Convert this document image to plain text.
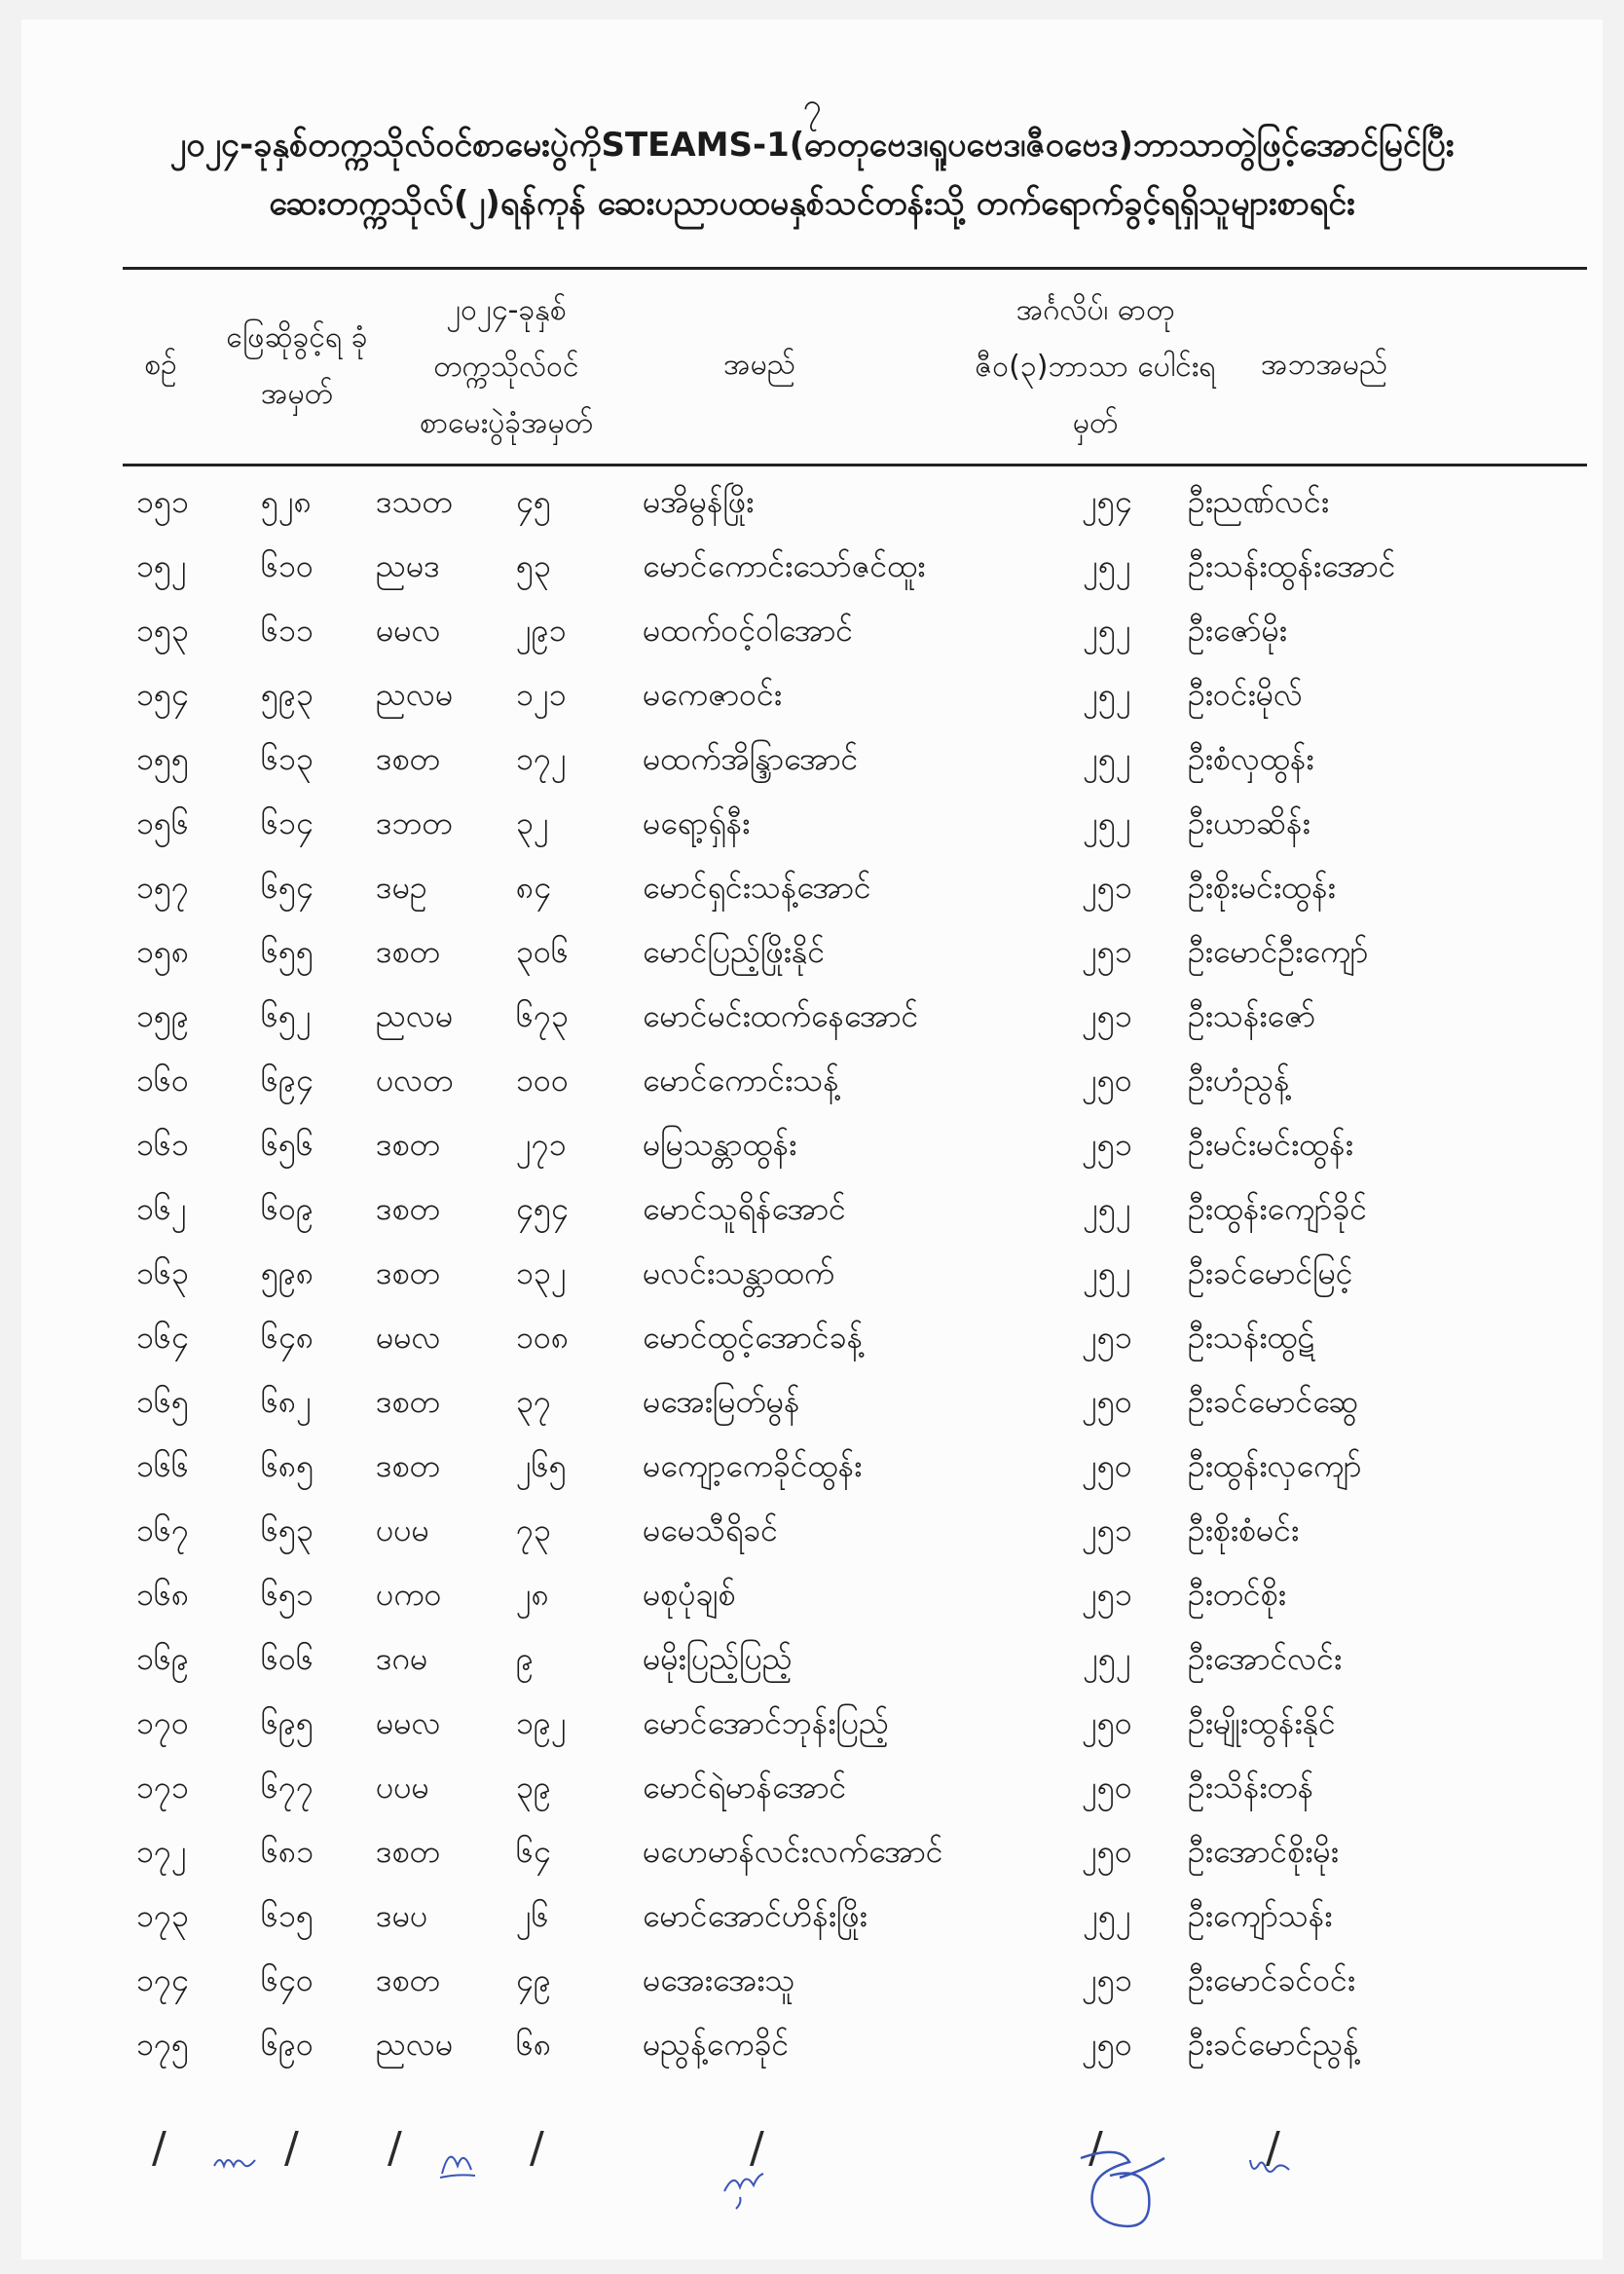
၇
၂၀၂၄-ခုနှစ်တက္ကသိုလ်ဝင်စာမေးပွဲကိုSTEAMS-1(ဓာတုဗေဒ၊ရူပဗေဒ၊ဇီဝဗေဒ)ဘာသာတွဲဖြင့်အောင်မြင်ပြီး
ဆေးတက္ကသိုလ်(၂)ရန်ကုန် ဆေးပညာပထမနှစ်သင်တန်းသို့ တက်ရောက်ခွင့်ရရှိသူများစာရင်း
စဉ်
ဖြေဆိုခွင့်ရ ခုံအမှတ်
၂၀၂၄-ခုနှစ် တက္ကသိုလ်ဝင် စာမေးပွဲခုံအမှတ်
အမည်
အင်္ဂလိပ်၊ ဓာတု ဇီဝ(၃)ဘာသာ ပေါင်းရမှတ်
အဘအမည်
၁၅၁ ၅၂၈ ဒသတ ၄၅	မအိမွန်ဖြိုး	၂၅၄	ဦးညဏ်လင်း
၁၅၂ ၆၁၀ ညမဒ ၅၃	မောင်ကောင်းသော်ဇင်ထူး	၂၅၂	ဦးသန်းထွန်းအောင်
၁၅၃ ၆၁၁ မမလ ၂၉၁ မထက်ဝင့်ဝါအောင်	၂၅၂	ဦးဇော်မိုး
၁၅၄ ၅၉၃ ညလမ ၁၂၁ မကေဇာဝင်း	၂၅၂	ဦးဝင်းမိုလ်
၁၅၅ ၆၁၃ ဒစတ ၁၇၂ မထက်အိန္ဒြာအောင်	၂၅၂	ဦးစံလှထွန်း
၁၅၆ ၆၁၄ ဒဘတ ၃၂	မရော့ရှ်နီး	၂၅၂	ဦးယာဆိန်း
၁၅၇ ၆၅၄ ဒမဥ	၈၄	မောင်ရှင်းသန့်အောင်	၂၅၁	ဦးစိုးမင်းထွန်း
၁၅၈ ၆၅၅ ဒစတ ၃၀၆ မောင်ပြည့်ဖြိုးနိုင်	၂၅၁	ဦးမောင်ဦးကျော်
၁၅၉ ၆၅၂ ညလမ ၆၇၃ မောင်မင်းထက်နေအောင်	၂၅၁	ဦးသန်းဇော်
၁၆၀ ၆၉၄ ပလတ ၁၀၀ မောင်ကောင်းသန့်	၂၅၀	ဦးဟံညွန့်
၁၆၁ ၆၅၆ ဒစတ ၂၇၁ မမြသန္တာထွန်း	၂၅၁	ဦးမင်းမင်းထွန်း
၁၆၂ ၆၀၉ ဒစတ ၄၅၄ မောင်သူရိန်အောင်	၂၅၂	ဦးထွန်းကျော်ခိုင်
၁၆၃ ၅၉၈ ဒစတ ၁၃၂ မလင်းသန္တာထက်	၂၅၂	ဦးခင်မောင်မြင့်
၁၆၄ ၆၄၈ မမလ ၁၀၈ မောင်ထွင့်အောင်ခန့်	၂၅၁	ဦးသန်းထွဋ်
၁၆၅ ၆၈၂ ဒစတ ၃၇	မအေးမြတ်မွန်	၂၅၀	ဦးခင်မောင်ဆွေ
၁၆၆ ၆၈၅ ဒစတ ၂၆၅ မကျော့ကေခိုင်ထွန်း	၂၅၀	ဦးထွန်းလှကျော်
၁၆၇ ၆၅၃ ပပမ	၇၃	မမေသီရိခင်	၂၅၁	ဦးစိုးစံမင်း
၁၆၈ ၆၅၁ ပကဝ ၂၈	မစုပုံချစ်	၂၅၁	ဦးတင်စိုး
၁၆၉ ၆၀၆ ဒဂမ	၉	မမိုးပြည့်ပြည့်	၂၅၂	ဦးအောင်လင်း
၁၇၀ ၆၉၅ မမလ ၁၉၂ မောင်အောင်ဘုန်းပြည့်	၂၅၀	ဦးမျိုးထွန်းနိုင်
၁၇၁ ၆၇၇ ပပမ	၃၉	မောင်ရဲမာန်အောင်	၂၅၀	ဦးသိန်းတန်
၁၇၂ ၆၈၁ ဒစတ ၆၄	မဟေမာန်လင်းလက်အောင်	၂၅၀	ဦးအောင်စိုးမိုး
၁၇၃ ၆၁၅ ဒမပ	၂၆	မောင်အောင်ဟိန်းဖြိုး	၂၅၂	ဦးကျော်သန်း
၁၇၄ ၆၄၀ ဒစတ ၄၉	မအေးအေးသူ	၂၅၁	ဦးမောင်ခင်ဝင်း
၁၇၅ ၆၉၀ ညလမ ၆၈	မညွန့်ကေခိုင်	၂၅၀	ဦးခင်မောင်ညွန့်
/	/ /	/	/	/	/
